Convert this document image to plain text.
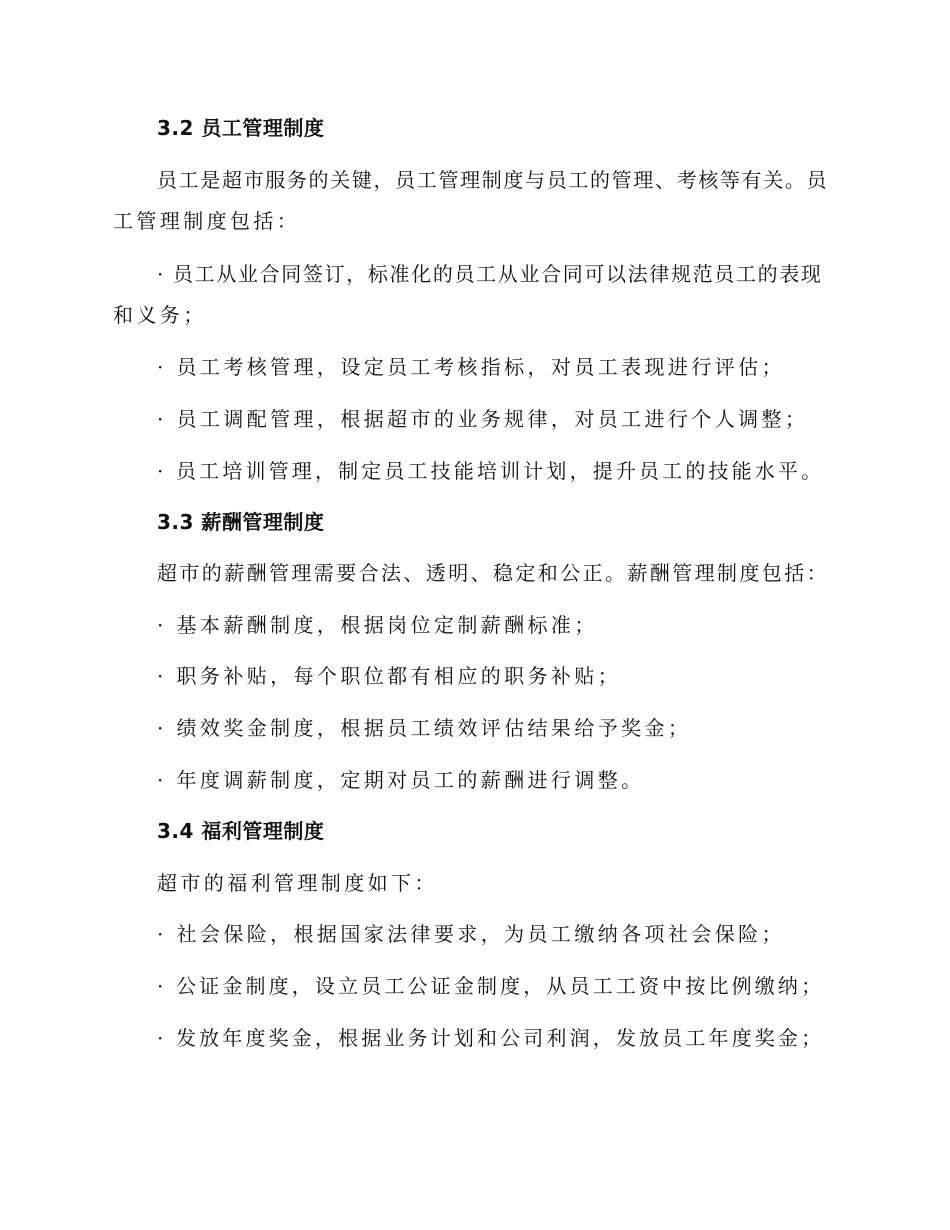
3.2 员工管理制度
员工是超市服务的关键，员工管理制度与员工的管理、考核等有关。员
工管理制度包括：
· 员工从业合同签订，标准化的员工从业合同可以法律规范员工的表现
和义务；
· 员工考核管理，设定员工考核指标，对员工表现进行评估；
· 员工调配管理，根据超市的业务规律，对员工进行个人调整；
· 员工培训管理，制定员工技能培训计划，提升员工的技能水平。
3.3 薪酬管理制度
超市的薪酬管理需要合法、透明、稳定和公正。薪酬管理制度包括：
· 基本薪酬制度，根据岗位定制薪酬标准；
· 职务补贴，每个职位都有相应的职务补贴；
· 绩效奖金制度，根据员工绩效评估结果给予奖金；
· 年度调薪制度，定期对员工的薪酬进行调整。
3.4 福利管理制度
超市的福利管理制度如下：
· 社会保险，根据国家法律要求，为员工缴纳各项社会保险；
· 公证金制度，设立员工公证金制度，从员工工资中按比例缴纳；
· 发放年度奖金，根据业务计划和公司利润，发放员工年度奖金；
